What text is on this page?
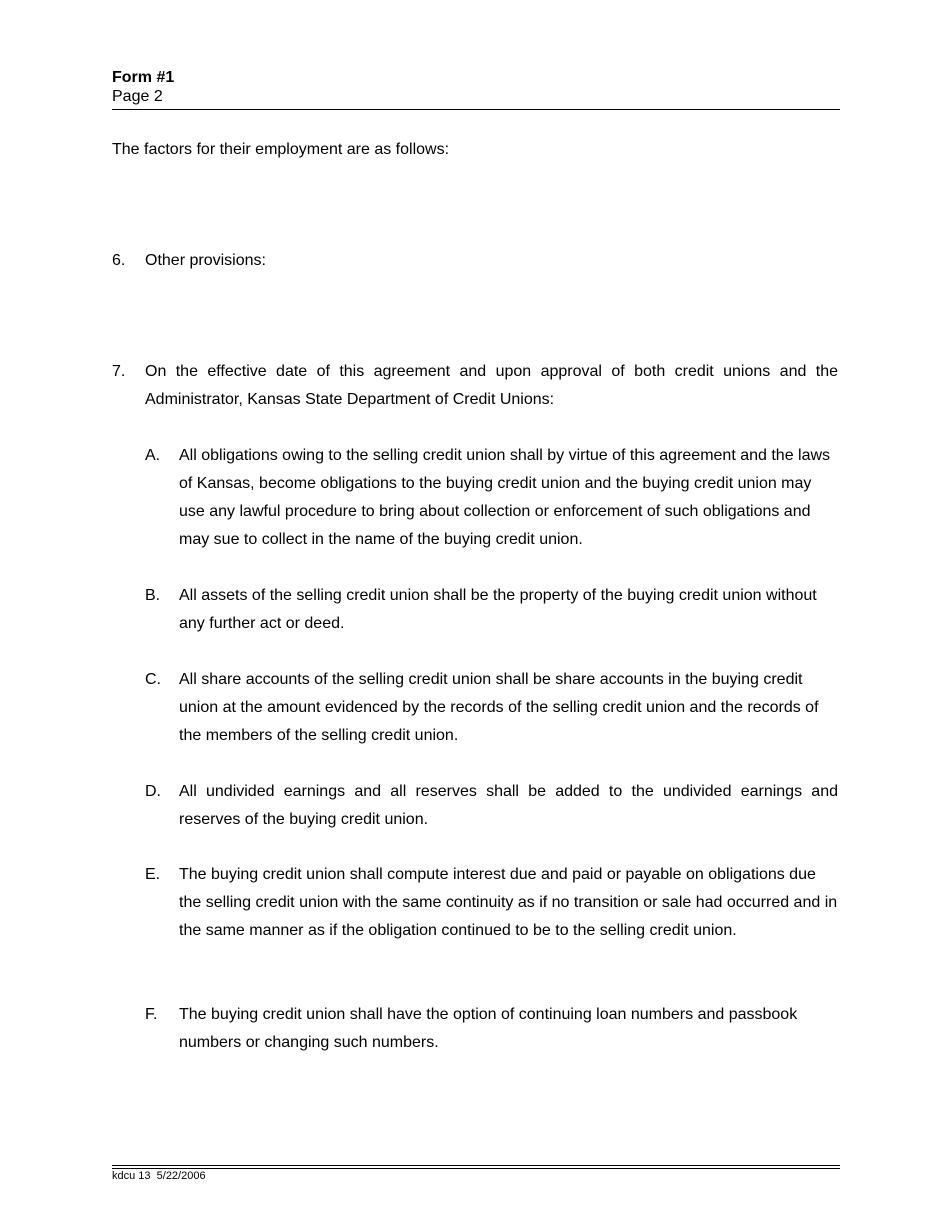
Form #1
Page 2
The factors for their employment are as follows:
6. Other provisions:
7. On the effective date of this agreement and upon approval of both credit unions and the Administrator, Kansas State Department of Credit Unions:
A. All obligations owing to the selling credit union shall by virtue of this agreement and the laws of Kansas, become obligations to the buying credit union and the buying credit union may use any lawful procedure to bring about collection or enforcement of such obligations and may sue to collect in the name of the buying credit union.
B. All assets of the selling credit union shall be the property of the buying credit union without any further act or deed.
C. All share accounts of the selling credit union shall be share accounts in the buying credit union at the amount evidenced by the records of the selling credit union and the records of the members of the selling credit union.
D. All undivided earnings and all reserves shall be added to the undivided earnings and reserves of the buying credit union.
E. The buying credit union shall compute interest due and paid or payable on obligations due the selling credit union with the same continuity as if no transition or sale had occurred and in the same manner as if the obligation continued to be to the selling credit union.
F. The buying credit union shall have the option of continuing loan numbers and passbook numbers or changing such numbers.
kdcu 13  5/22/2006
